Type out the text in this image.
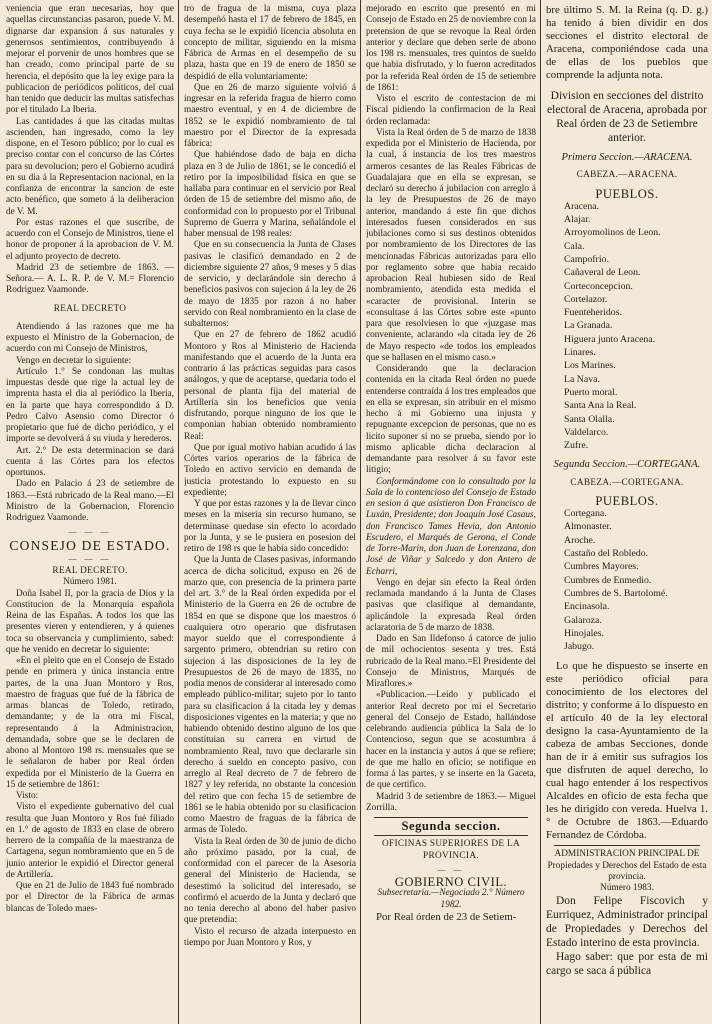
veniencia que eran necesarias, hoy que aquellas circunstancias pasaron, puede V. M. dignarse dar expansion á sus naturales y generosos sentimientos, contribuyendo á mejorar el porvenir de unos hombres que se han creado, como principal parte de su herencia, el depósito que la ley exige para la publicacion de periódicos políticos, del cual han tenido que deducir las multas satisfechas por el titulado La Iberia.

Las cantidades á que las citadas multas ascienden, han ingresado, como la ley dispone, en el Tesoro público; por lo cual es preciso contar con el concurso de las Córtes para su devolucion; pero el Gobierno acudirá en su dia á la Representacion nacional, en la confianza de encontrar la sancion de este acto benéfico, que someto á la deliberacion de V. M.

Por estas razones el que suscribe, de acuerdo con el Consejo de Ministros, tiene el honor de proponer á la aprobacion de V. M. el adjunto proyecto de decreto.

Madrid 23 de setiembre de 1863. —Señora.— A. L. R. P. de V. M.= Florencio Rodriguez Vaamonde.

REAL DECRETO

Atendiendo á las razones que me ha expuesto el Ministro de la Gobernacion, de acuerdo con mi Consejo de Ministros,

Vengo en decretar lo siguiente:

Artículo 1.° Se condonan las multas impuestas desde que rige la actual ley de imprenta hasta el dia al periódico la Iberia, en la parte que haya correspondido á D. Pedro Calvo Asensio como Director ó propietario que fué de dicho periódico, y el importe se devolverá á su viuda y herederos.

Art. 2.° De esta determinacion se dará cuenta á las Córtes para los efectos oportunos.

Dado en Palacio á 23 de setiembre de 1863.—Está rubricado de la Real mano.—El Ministro de la Gobernacion, Florencio Rodriguez Vaamonde.

— — —

CONSEJO DE ESTADO.

— — —

REAL DECRETO.

Número 1981.

Doña Isabel II, por la gracia de Dios y la Constitucion de la Monarquía española Reina de las Españas. A todos los que las presentes vieren y entendieren, y á quienes toca su observancia y cumplimiento, sabed: que he venido en decretar lo siguiente:

«En el pleito que en el Consejo de Estado pende en primera y única instancia entre partes, de la una Juan Montoro y Ros, maestro de fraguas que fué de la fábrica de armas blancas de Toledo, retirado, demandante; y de la otra mi Fiscal, representando á la Administracion, demandada, sobre que se le declaren de abono al Montoro 198 rs. mensuales que se le señalaron de haber por Real órden expedida por el Ministerio de la Guerra en 15 de setiembre de 1861:

Visto:

Visto el expediente gubernativo del cual resulta que Juan Montoro y Ros fué filiado en 1.° de agosto de 1833 en clase de obrero herrero de la compañía de la maestranza de Cartagena, segun nombramiento que en 5 de junio anterior le expidió el Director general de Artillería.

Que en 21 de Julio de 1843 fué nombrado por el Director de la Fábrica de armas blancas de Toledo maes-

tro de fragua de la misma, cuya plaza desempeñó hasta el 17 de febrero de 1845, en cuya fecha se le expidió licencia absoluta en concepto de militar, siguiendo en la misma Fábrica de Armas en el desempeño de su plaza, hasta que en 19 de enero de 1850 se despidió de ella voluntariamente:

Que en 26 de marzo siguiente volvió á ingresar en la referida fragua de hierro como maestro eventual, y en 4 de diciembre de 1852 se le expidió nombramiento de tal maestro por el Director de la expresada fábrica:

Que habiéndose dado de baja en dicha plaza en 3 de Julio de 1861, se le concedió el retiro por la imposibilidad física en que se hallaba para continuar en el servicio por Real órden de 15 de setiembre del mismo año, de conformidad con lo propuesto por el Tribunal Supremo de Guerra y Marina, señalándole el haber mensual de 198 reales:

Que en su consecuencia la Junta de Clases pasivas le clasificó demandado en 2 de diciembre siguiente 27 años, 9 meses y 5 dias de servicio, y declarándole sin derecho á beneficios pasivos con sujecion á la ley de 26 de mayo de 1835 por razon á no haber servido con Real nombramiento en la clase de subalternos:

Que en 27 de febrero de 1862 acudió Montoro y Ros al Ministerio de Hacienda manifestando que el acuerdo de la Junta era contrario á las prácticas seguidas para casos análogos, y que de aceptarse, quedaria todo el personal de planta fija del material de Artillería sin los beneficios que venia disfrutando, porque ninguno de los que le componian habian obtenido nombramiento Real:

Que por igual motivo habian acudido á las Córtes varios operarios de la fábrica de Toledo en activo servicio en demanda de justicia protestando lo expuesto en su expediente;

Y que por estas razones y la de llevar cinco meses en la miseria sin recurso humano, se determinase quedase sin efecto lo acordado por la Junta, y se le pusiera en posesion del retiro de 198 rs que le había sido concedido:

Que la Junta de Clases pasivas, informando acerca de dicha solicitud, expuso en 26 de marzo que, con presencia de la primera parte del art. 3.° de la Real órden expedida por el Ministerio de la Guerra en 26 de octubre de 1854 en que se dispone que los maestros ó cualquiera otro operario que disfrutasen mayor sueldo que el correspondiente á sargento primero, obtendrian su retiro con sujecion á las disposiciones de la ley de Presupuestos de 26 de mayo de 1835, no podia menos de considerar al interesado como empleado público-militar; sujeto por lo tanto para su clasificacion á la citada ley y demas disposiciones vigentes en la materia; y que no habiendo obtenido destino alguno de los que constituian su carrera en virtud de nombramiento Real, tuvo que declararle sin derecho á sueldo en concepto pasivo, con arreglo al Real decreto de 7 de febrero de 1827 y ley referida, no obstante la concesion del retiro que con fecha 15 de setiembre de 1861 se le habia obtenido por su clasificacion como Maestro de fraguas de la fábrica de armas de Toledo.

Vista la Real órden de 30 de junio de dicho año próximo pasado, por la cual, de conformidad con el parecer de la Asesoría general del Ministerio de Hacienda, se desestimó la solicitud del interesado, se confirmó el acuerdo de la Junta y declaró que no tenia derecho al abono del haber pasivo que pretendia:

Visto el recurso de alzada interpuesto en tiempo por Juan Montoro y Ros, y

mejorado en escrito que presentó en mi Consejo de Estado en 25 de noviembre con la pretension de que se revoque la Real órden anterior y declare que deben serle de abono los 198 rs. mensuales, tres quintos de sueldo que habia disfrutado, y lo fueron acreditados por la referida Real órden de 15 de setiembre de 1861:

Visto el escrito de contestacion de mi Fiscal pidiendo la confirmacion de la Real órden reclamada:

Vista la Real órden de 5 de marzo de 1838 expedida por el Ministerio de Hacienda, por la cual, á instancia de los tres maestros armeros cesantes de las Reales Fábricas de Guadalajara que en ella se expresan, se declaró su derecho á jubilacion con arreglo á la ley de Presupuestos de 26 de mayo anterior, mandando á este fin que dichos interesados fuesen considerados en sus jubilaciones como si sus destinos obtenidos por nombramiento de los Directores de las mencionadas Fábricas autorizadas para ello por reglamento sobre que habia recaido aprobacion Real hubiesen sido de Real nombramiento, atendida esta medida el «caracter de provisional. Interin se «consultase á las Córtes sobre este «punto para que resolviesen lo que «juzgase mas conveniente, aclarando «la citada ley de 26 de Mayo respecto «de todos los empleados que se hallasen en el mismo caso.»

Considerando que la declaracion contenida en la citada Real órden no puede entenderse contraída á los tres empleados que en ella se expresan, sin atribuir en el mismo hecho á mi Gobierno una injusta y repugnante excepcion de personas, que no es licito suponer si no se prueba, siendo por lo mismo aplicable dicha declaracion al demandante para resolver á su favor este litigio;

Conformándome con lo consultado por la Sala de lo contencioso del Consejo de Estado en sesion á que asistieron Don Francisco de Luxán, Presidente; don Joaquín José Casaus, don Francisco Tames Hevia, don Antonio Escudero, el Marqués de Gerona, el Conde de Torre-Marin, don Juan de Lorenzana, don José de Viñar y Salcedo y don Antero de Echarri,

Vengo en dejar sin efecto la Real órden reclamada mandando á la Junta de Clases pasivas que clasifique al demandante, aplicándole la expresada Real órden aclaratoria de 5 de marzo de 1838.

Dado en San Ildefonso á catorce de julio de mil ochocientos sesenta y tres. Está rubricado de la Real mano.=El Presidente del Consejo de Ministros, Marqués de Miraflores.»

«Publicacion.—Leido y publicado el anterior Real decreto por mí el Secretario general del Consejo de Estado, hallándose celebrando audiencia pública la Sala de lo Contencioso, segun que se acostumbra á hacer en la instancia y autos á que se refiere; de que me hallo en oficio; se notifique en forma á las partes, y se inserte en la Gaceta, de que certifico.

Madrid 3 de setiembre de 1863.— Miguel Zorrilla.

Segunda seccion.

OFICINAS SUPERIORES DE LA PROVINCIA.

— —

GOBIERNO CIVIL.

Subsecretaría.—Negociado 2.° Número 1982.

Por Real órden de 23 de Setiem-

bre último S. M. la Reina (q. D. g.) ha tenido á bien dividir en dos secciones el distrito electoral de Aracena, componiéndose cada una de ellas de los pueblos que comprende la adjunta nota.

Division en secciones del distrito electoral de Aracena, aprobada por Real órden de 23 de Setiembre anterior.

Primera Seccion.—ARACENA.

CABEZA.—ARACENA.

PUEBLOS.

Aracena.
Alajar.
Arroyomolinos de Leon.
Cala.
Campofrio.
Cañaveral de Leon.
Corteconcepcion.
Cortelazor.
Fuenteheridos.
La Granada.
Higuera junto Aracena.
Linares.
Los Marines.
La Nava.
Puerto moral.
Santa Ana la Real.
Santa Olalla.
Valdelarco.
Zufre.

Segunda Seccion.—CORTEGANA.

CABEZA.—CORTEGANA.

PUEBLOS.

Cortegana.
Almonaster.
Aroche.
Castaño del Robledo.
Cumbres Mayores.
Cumbres de Enmedio.
Cumbres de S. Bartolomé.
Encinasola.
Galaroza.
Hinojales.
Jabugo.

Lo que he dispuesto se inserte en este periódico oficial para conocimiento de los electores del distrito; y conforme á lo dispuesto en el artículo 40 de la ley electoral designo la casa-Ayuntamiento de la cabeza de ambas Secciones, donde han de ir á emitir sus sufragios los que disfruten de aquel derecho, lo cual hago entender á los respectivos Alcaldes en oficio de esta fecha que les he dirigido con vereda. Huelva 1.° de Octubre de 1863.—Eduardo Fernandez de Córdoba.

ADMINISTRACION PRINCIPAL DE Propiedades y Derechos del Estado de esta provincia.

Número 1983.

Don Felipe Fiscovich y Eurriquez, Administrador principal de Propiedades y Derechos del Estado interino de esta provincia.

Hago saber: que por esta de mi cargo se saca á pública
